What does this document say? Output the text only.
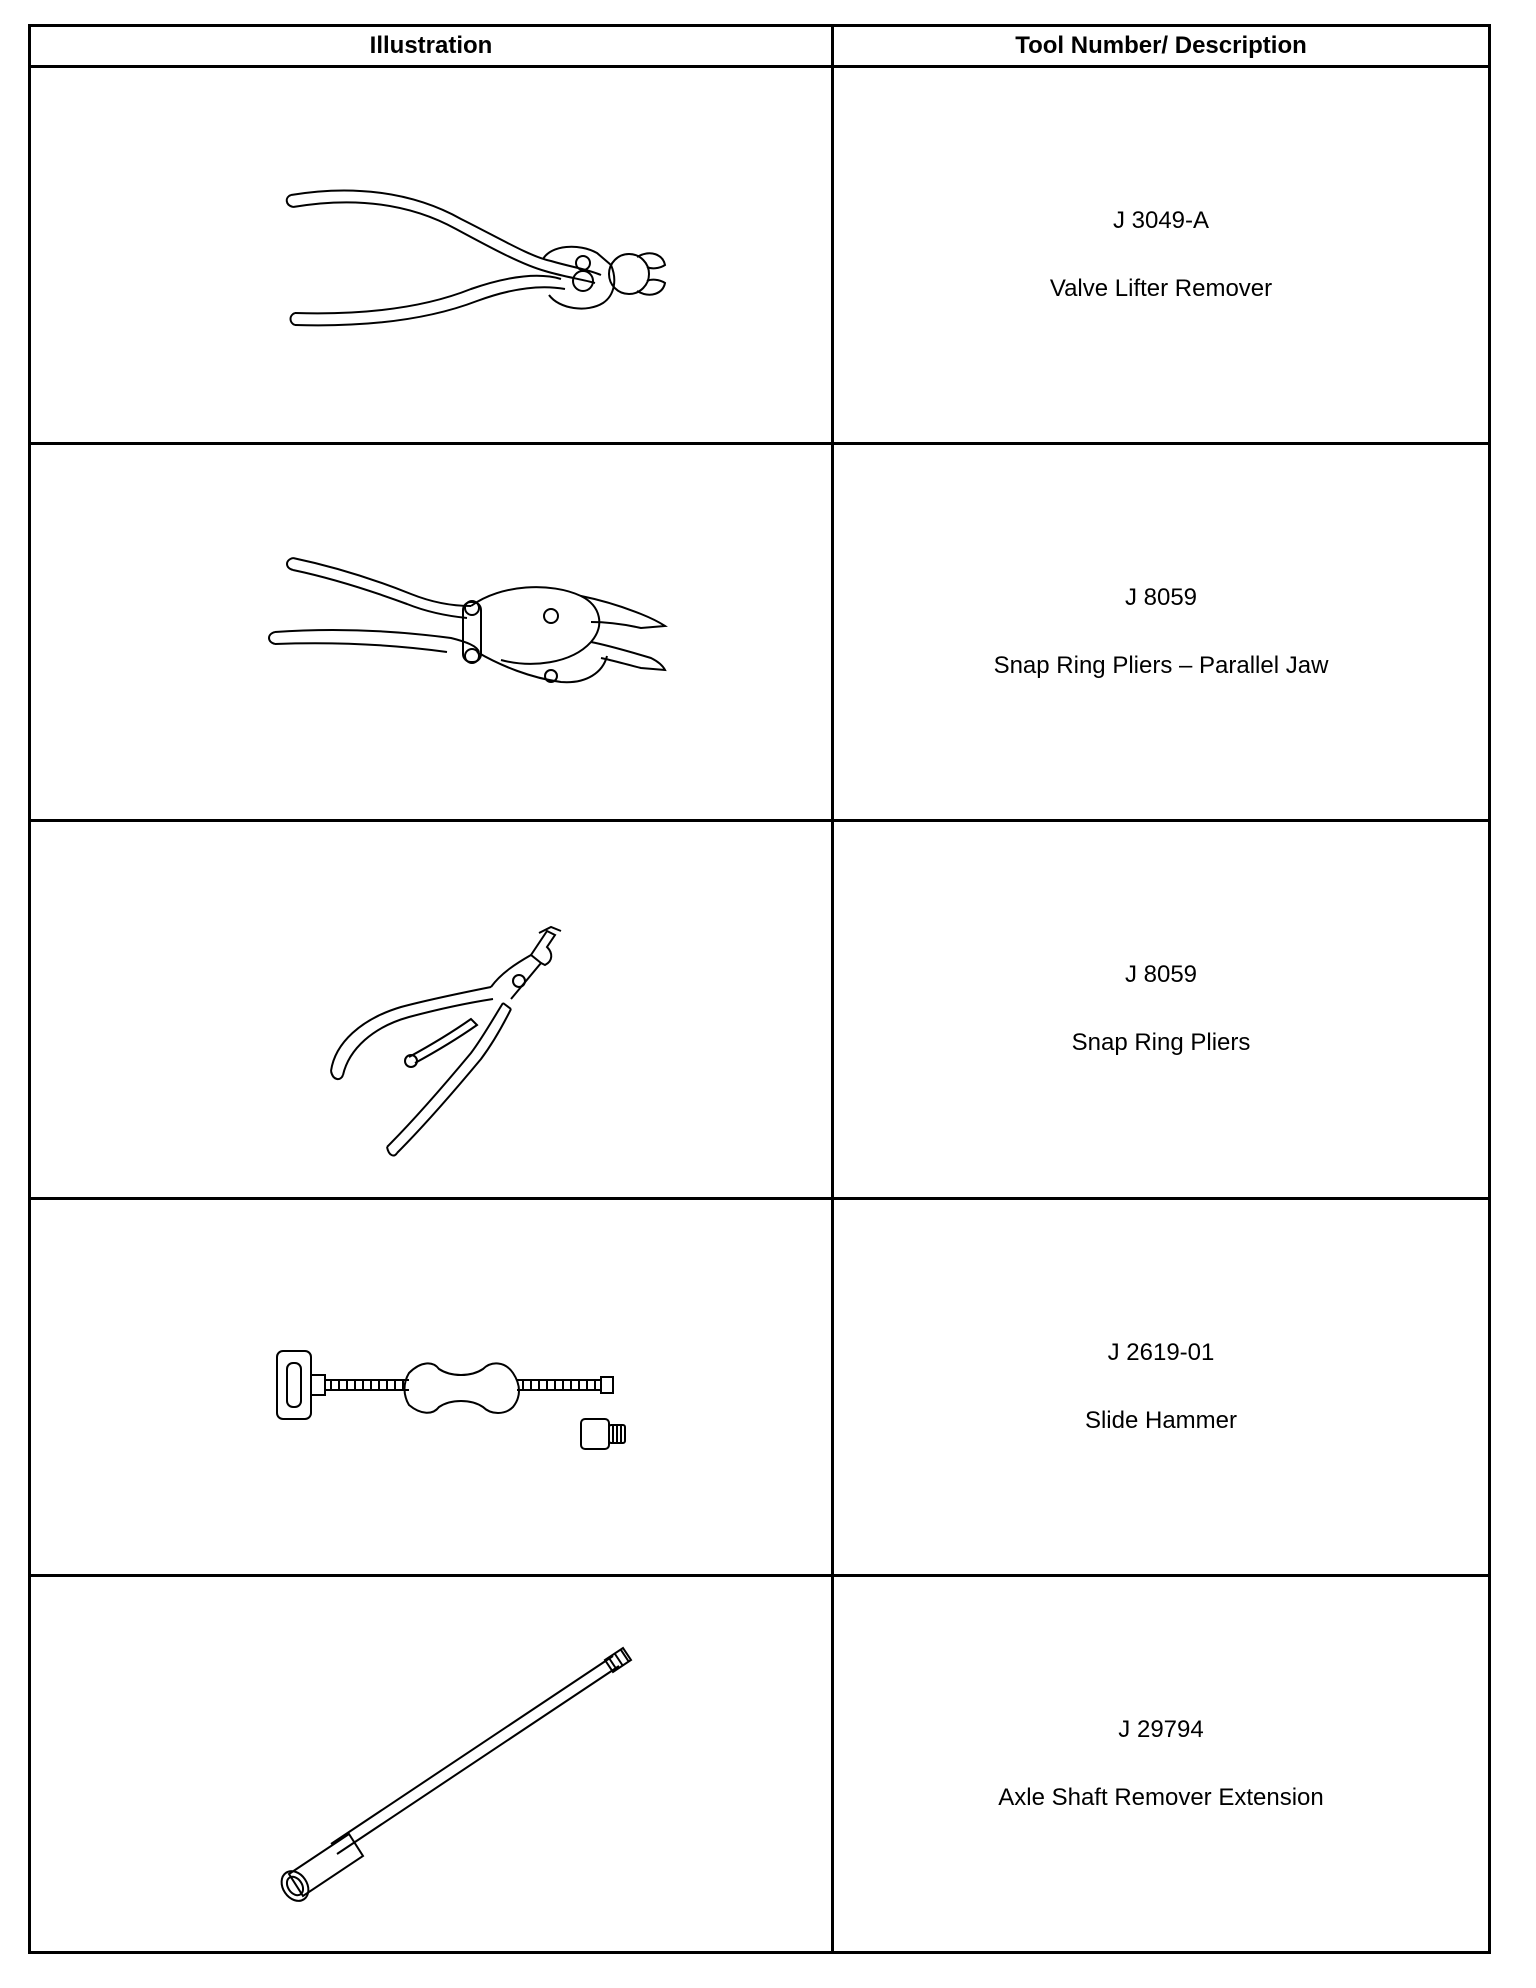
Illustration	Tool Number/ Description

J 3049-A
Valve Lifter Remover

J 8059
Snap Ring Pliers – Parallel Jaw

J 8059
Snap Ring Pliers

J 2619-01
Slide Hammer

J 29794
Axle Shaft Remover Extension
